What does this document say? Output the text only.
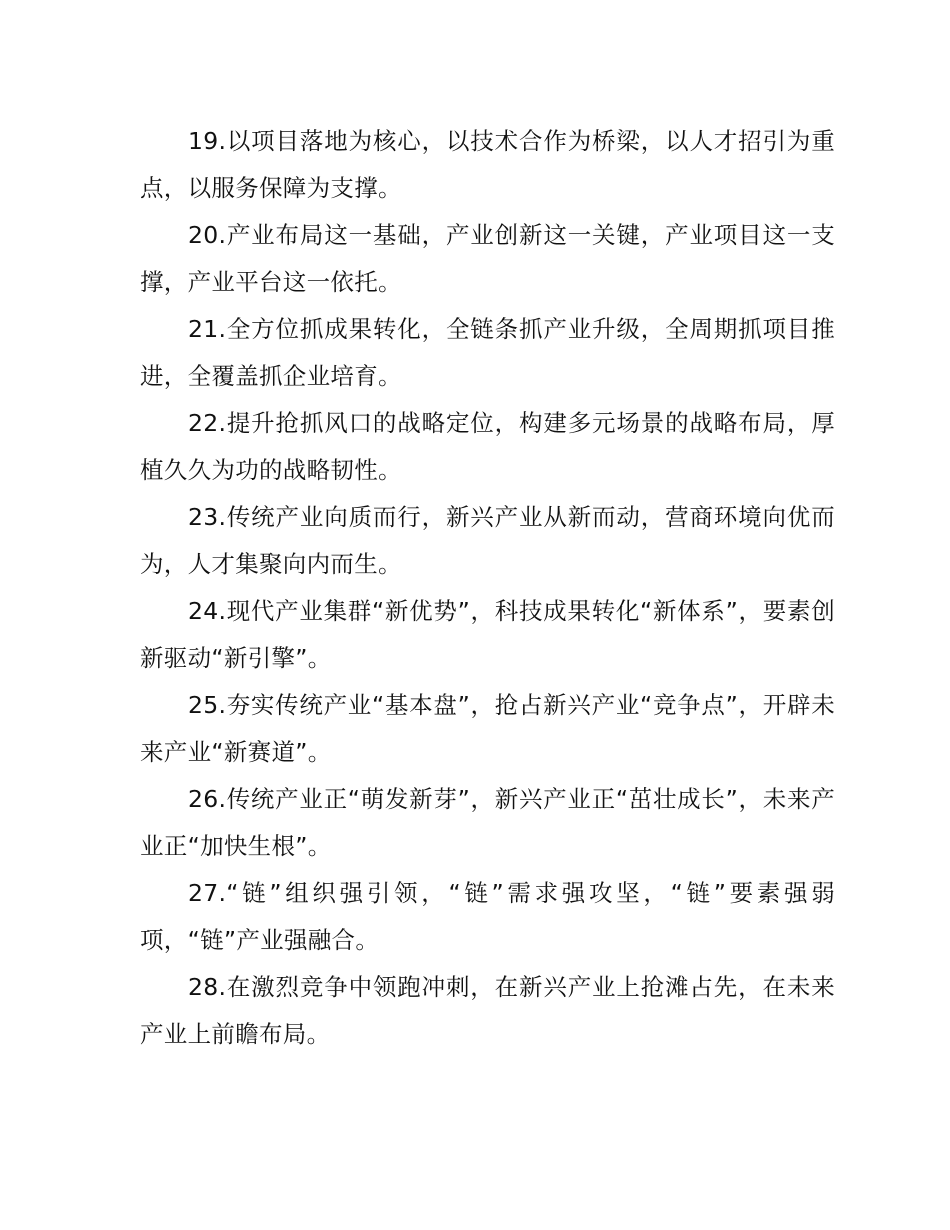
19.以项目落地为核心，以技术合作为桥梁，以人才招引为重点，以服务保障为支撑。

20.产业布局这一基础，产业创新这一关键，产业项目这一支撑，产业平台这一依托。

21.全方位抓成果转化，全链条抓产业升级，全周期抓项目推进，全覆盖抓企业培育。

22.提升抢抓风口的战略定位，构建多元场景的战略布局，厚植久久为功的战略韧性。

23.传统产业向质而行，新兴产业从新而动，营商环境向优而为，人才集聚向内而生。

24.现代产业集群“新优势”，科技成果转化“新体系”，要素创新驱动“新引擎”。

25.夯实传统产业“基本盘”，抢占新兴产业“竞争点”，开辟未来产业“新赛道”。

26.传统产业正“萌发新芽”，新兴产业正“茁壮成长”，未来产业正“加快生根”。

27.“链”组织强引领，“链”需求强攻坚，“链”要素强弱项，“链”产业强融合。

28.在激烈竞争中领跑冲刺，在新兴产业上抢滩占先，在未来产业上前瞻布局。
